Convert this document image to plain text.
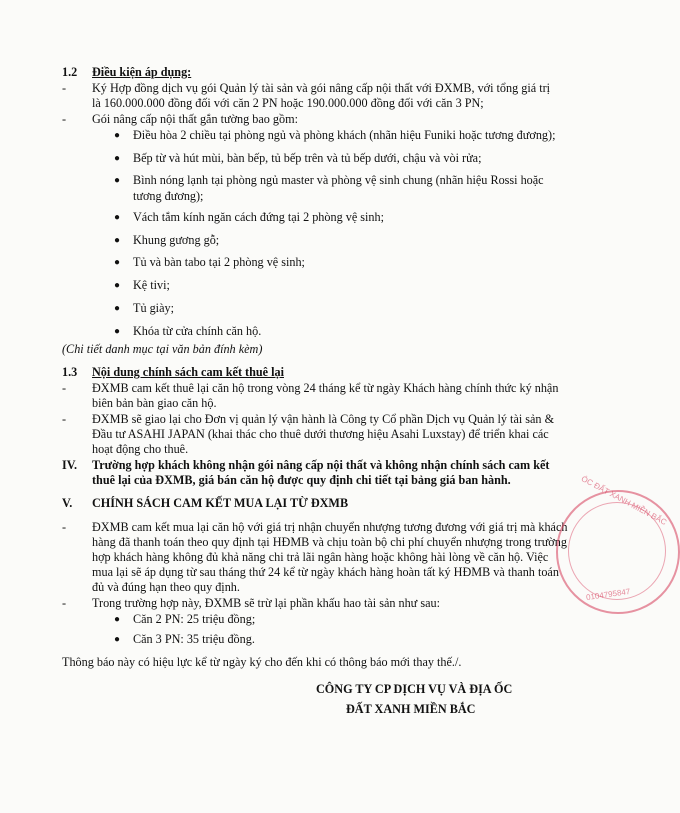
1.2 Điều kiện áp dụng:
- Ký Hợp đồng dịch vụ gói Quản lý tài sản và gói nâng cấp nội thất với ĐXMB, với tổng giá trị
là 160.000.000 đồng đối với căn 2 PN hoặc 190.000.000 đồng đối với căn 3 PN;
- Gói nâng cấp nội thất gắn tường bao gồm:
● Điều hòa 2 chiều tại phòng ngủ và phòng khách (nhãn hiệu Funiki hoặc tương đương);
● Bếp từ và hút mùi, bàn bếp, tủ bếp trên và tủ bếp dưới, chậu và vòi rửa;
● Bình nóng lạnh tại phòng ngủ master và phòng vệ sinh chung (nhãn hiệu Rossi hoặc
tương đương);
● Vách tắm kính ngăn cách đứng tại 2 phòng vệ sinh;
● Khung gương gỗ;
● Tủ và bàn tabo tại 2 phòng vệ sinh;
● Kệ tivi;
● Tủ giày;
● Khóa từ cửa chính căn hộ.
(Chi tiết danh mục tại văn bản đính kèm)
1.3 Nội dung chính sách cam kết thuê lại
- ĐXMB cam kết thuê lại căn hộ trong vòng 24 tháng kể từ ngày Khách hàng chính thức ký nhận
biên bản bàn giao căn hộ.
- ĐXMB sẽ giao lại cho Đơn vị quản lý vận hành là Công ty Cổ phần Dịch vụ Quản lý tài sản &
Đầu tư ASAHI JAPAN (khai thác cho thuê dưới thương hiệu Asahi Luxstay) để triển khai các
hoạt động cho thuê.
IV. Trường hợp khách không nhận gói nâng cấp nội thất và không nhận chính sách cam kết
thuê lại của ĐXMB, giá bán căn hộ được quy định chi tiết tại bảng giá ban hành.
V. CHÍNH SÁCH CAM KẾT MUA LẠI TỪ ĐXMB
- ĐXMB cam kết mua lại căn hộ với giá trị nhận chuyển nhượng tương đương với giá trị mà khách
hàng đã thanh toán theo quy định tại HĐMB và chịu toàn bộ chi phí chuyển nhượng trong trường
hợp khách hàng không đủ khả năng chi trả lãi ngân hàng hoặc không hài lòng về căn hộ. Việc
mua lại sẽ áp dụng từ sau tháng thứ 24 kể từ ngày khách hàng hoàn tất ký HĐMB và thanh toán
đủ và đúng hạn theo quy định.
- Trong trường hợp này, ĐXMB sẽ trừ lại phần khấu hao tài sản như sau:
● Căn 2 PN: 25 triệu đồng;
● Căn 3 PN: 35 triệu đồng.
Thông báo này có hiệu lực kể từ ngày ký cho đến khi có thông báo mới thay thế./.
CÔNG TY CP DỊCH VỤ VÀ ĐỊA ỐC
ĐẤT XANH MIỀN BẮC
ÓC ĐẤT XANH MIỀN BẮC
0104795847
